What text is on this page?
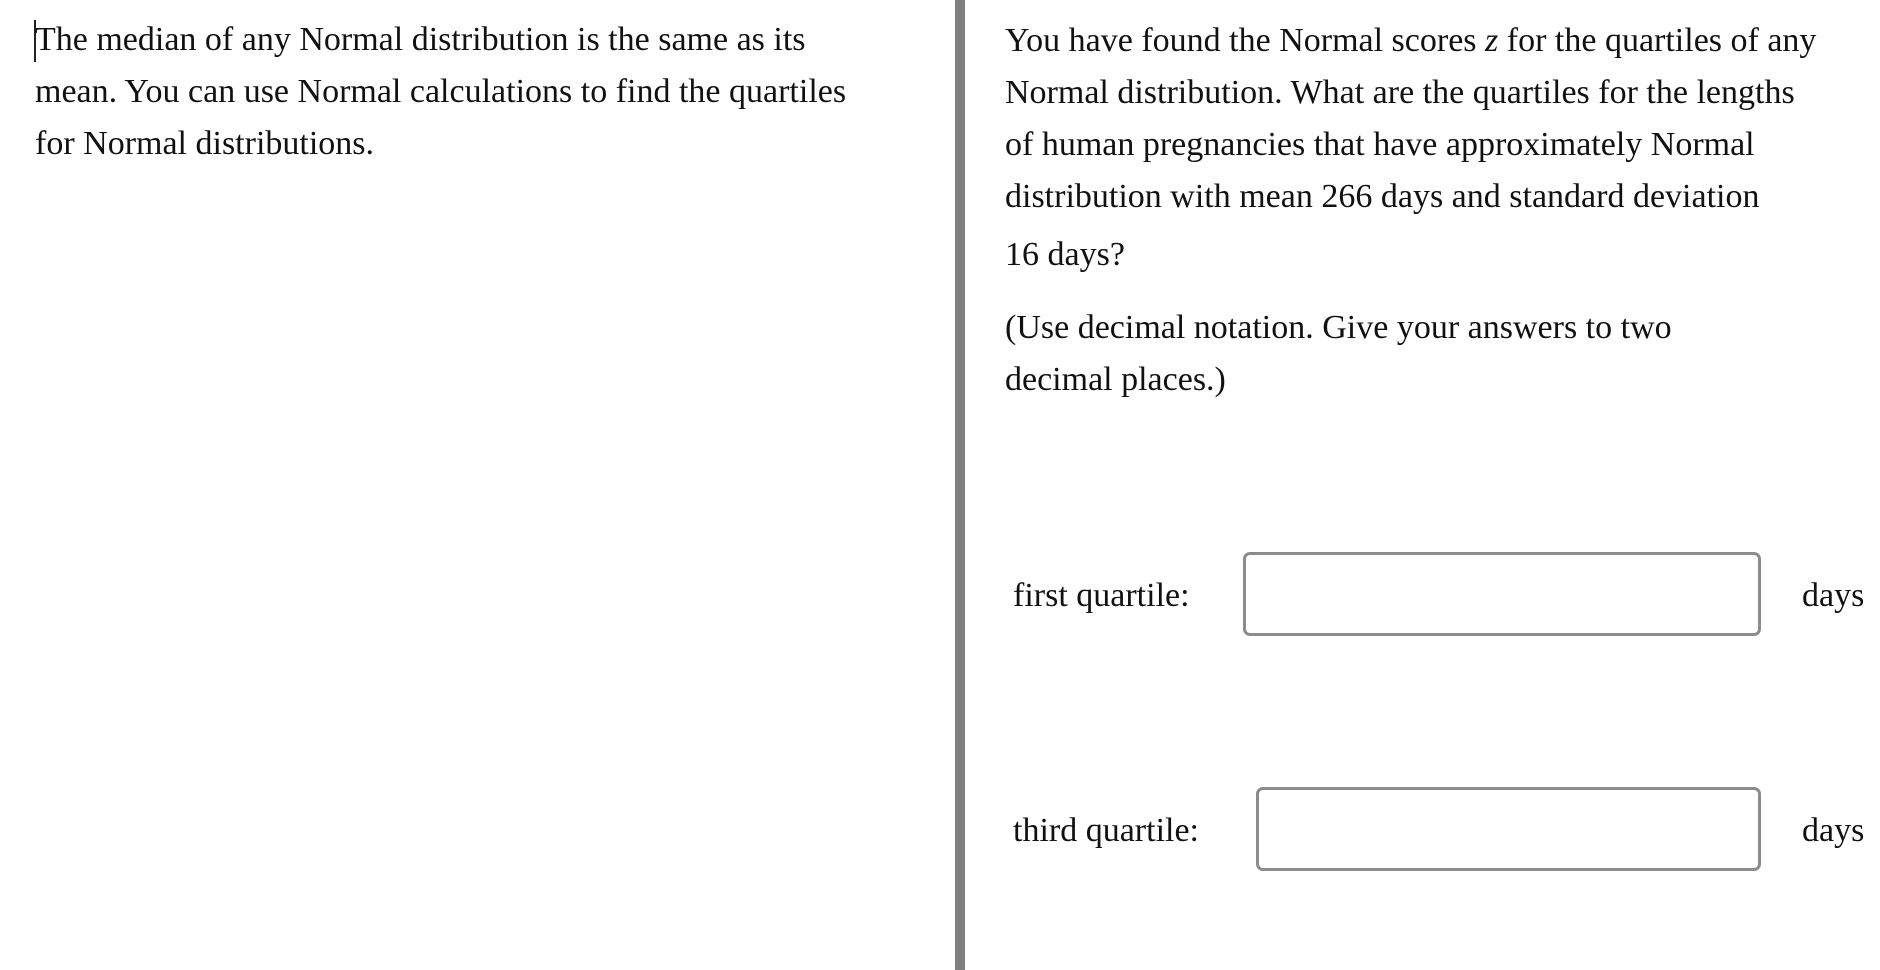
The median of any Normal distribution is the same as its
mean. You can use Normal calculations to find the quartiles
for Normal distributions.

You have found the Normal scores z for the quartiles of any
Normal distribution. What are the quartiles for the lengths
of human pregnancies that have approximately Normal
distribution with mean 266 days and standard deviation
16 days?

(Use decimal notation. Give your answers to two
decimal places.)

first quartile:	days
third quartile:	days
